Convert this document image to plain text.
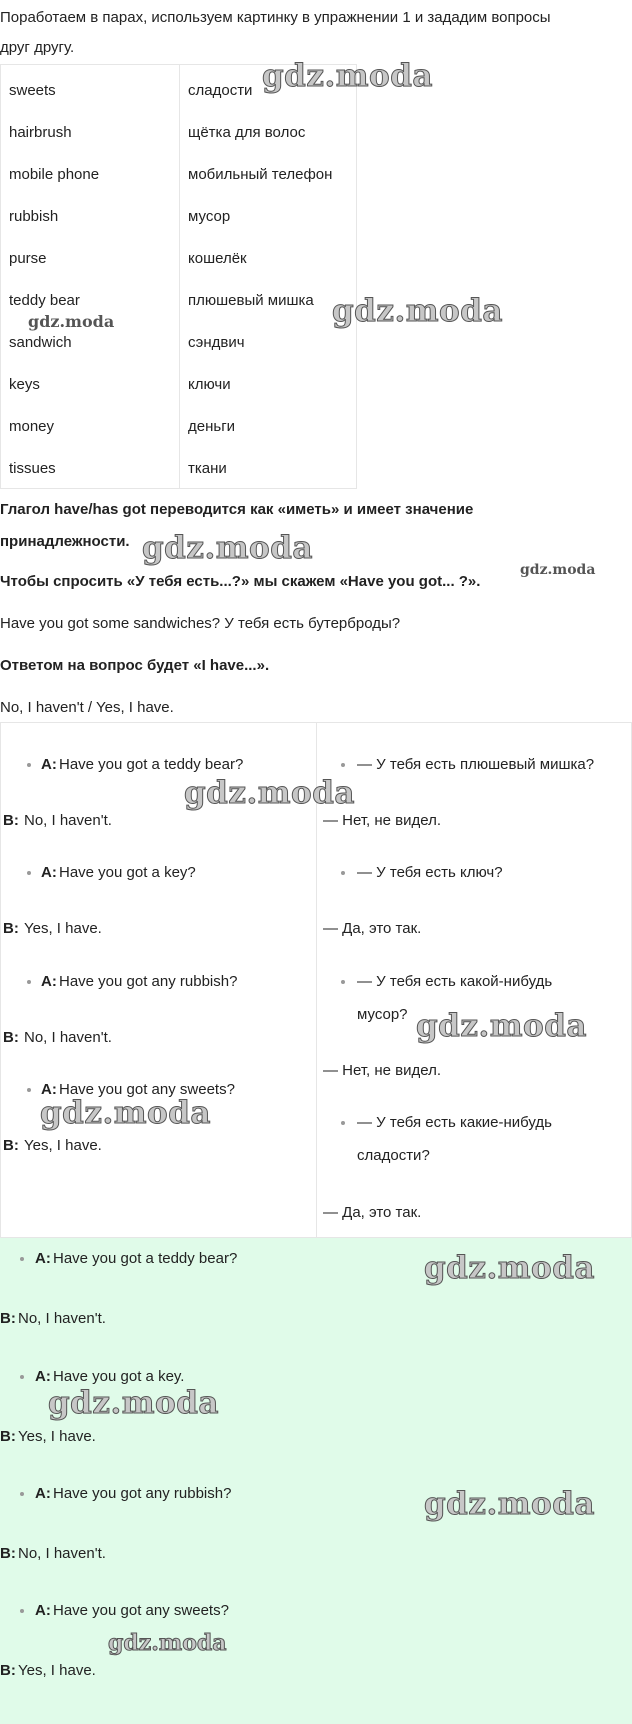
Поработаем в парах, используем картинку в упражнении 1 и зададим вопросы
друг другу.
sweets	сладости
hairbrush	щётка для волос
mobile phone	мобильный телефон
rubbish	мусор
purse	кошелёк
teddy bear	плюшевый мишка
sandwich	сэндвич
keys	ключи
money	деньги
tissues	ткани
Глагол have/has got переводится как «иметь» и имеет значение
принадлежности.
Чтобы спросить «У тебя есть...?» мы скажем «Have you got... ?».
Have you got some sandwiches? У тебя есть бутерброды?
Ответом на вопрос будет «I have...».
No, I haven't / Yes, I have.
A: Have you got a teddy bear?
B: No, I haven't.
A: Have you got a key?
B: Yes, I have.
A: Have you got any rubbish?
B: No, I haven't.
A: Have you got any sweets?
B: Yes, I have.
— У тебя есть плюшевый мишка?
— Нет, не видел.
— У тебя есть ключ?
— Да, это так.
— У тебя есть какой-нибудь
мусор?
— Нет, не видел.
— У тебя есть какие-нибудь
сладости?
— Да, это так.
A: Have you got a teddy bear?
B: No, I haven't.
A: Have you got a key.
B: Yes, I have.
A: Have you got any rubbish?
B: No, I haven't.
A: Have you got any sweets?
B: Yes, I have.
gdz.moda
gdz.moda	gdz.moda
gdz.moda
gdz.moda
gdz.moda
gdz.moda
gdz.moda
gdz.moda
gdz.moda
gdz.moda
gdz.moda
